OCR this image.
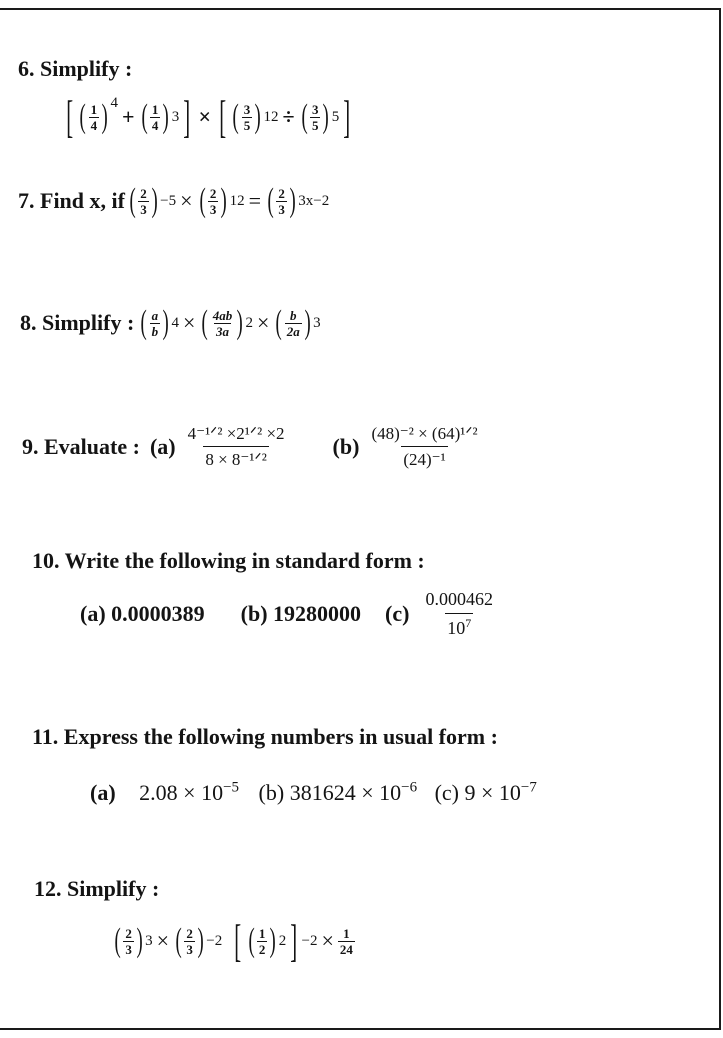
6. Simplify :
[ ( $\frac{1}{4}$ ) 4
+ ( $\frac{1}{4}$ ) 3 ] × [ ( $\frac{3}{5}$ ) 12 ÷ ( $\frac{3}{5}$ ) 5 ]
7. Find x, if ( $\frac{2}{3}$ ) −5 × ( $\frac{2}{3}$ ) 12 = ( $\frac{2}{3}$ ) 3x−2
8. Simplify : ( $\frac{a}{b}$ ) 4 × ( $\frac{4ab}{3a}$ ) 2 × ( $\frac{b}{2a}$ ) 3
9. Evaluate : $(a) \frac{\text{4⁻¹ᐟ² ×2¹ᐟ² ×2}}{\text{8 × 8⁻¹ᐟ²}} (b) \frac{\text{(48)⁻² × (64)¹ᐟ²}}{\text{(24)⁻¹}}$
10. Write the following in standard form :
(a) 0.0000389 (b) 19280000 $(c) \frac{0.000462}{10^7}$
11. Express the following numbers in usual form :
(a) $2.08 \times 10^{-5}$ (b) $381624 \times 10^{-6}$ (c) $9 \times 10^{-7}$
12. Simplify :
( $\frac{2}{3}$ ) 3 × ( $\frac{2}{3}$ ) −2 [ ( $\frac{1}{2}$ ) 2 ] $-2 \times \frac{1}{24}$
